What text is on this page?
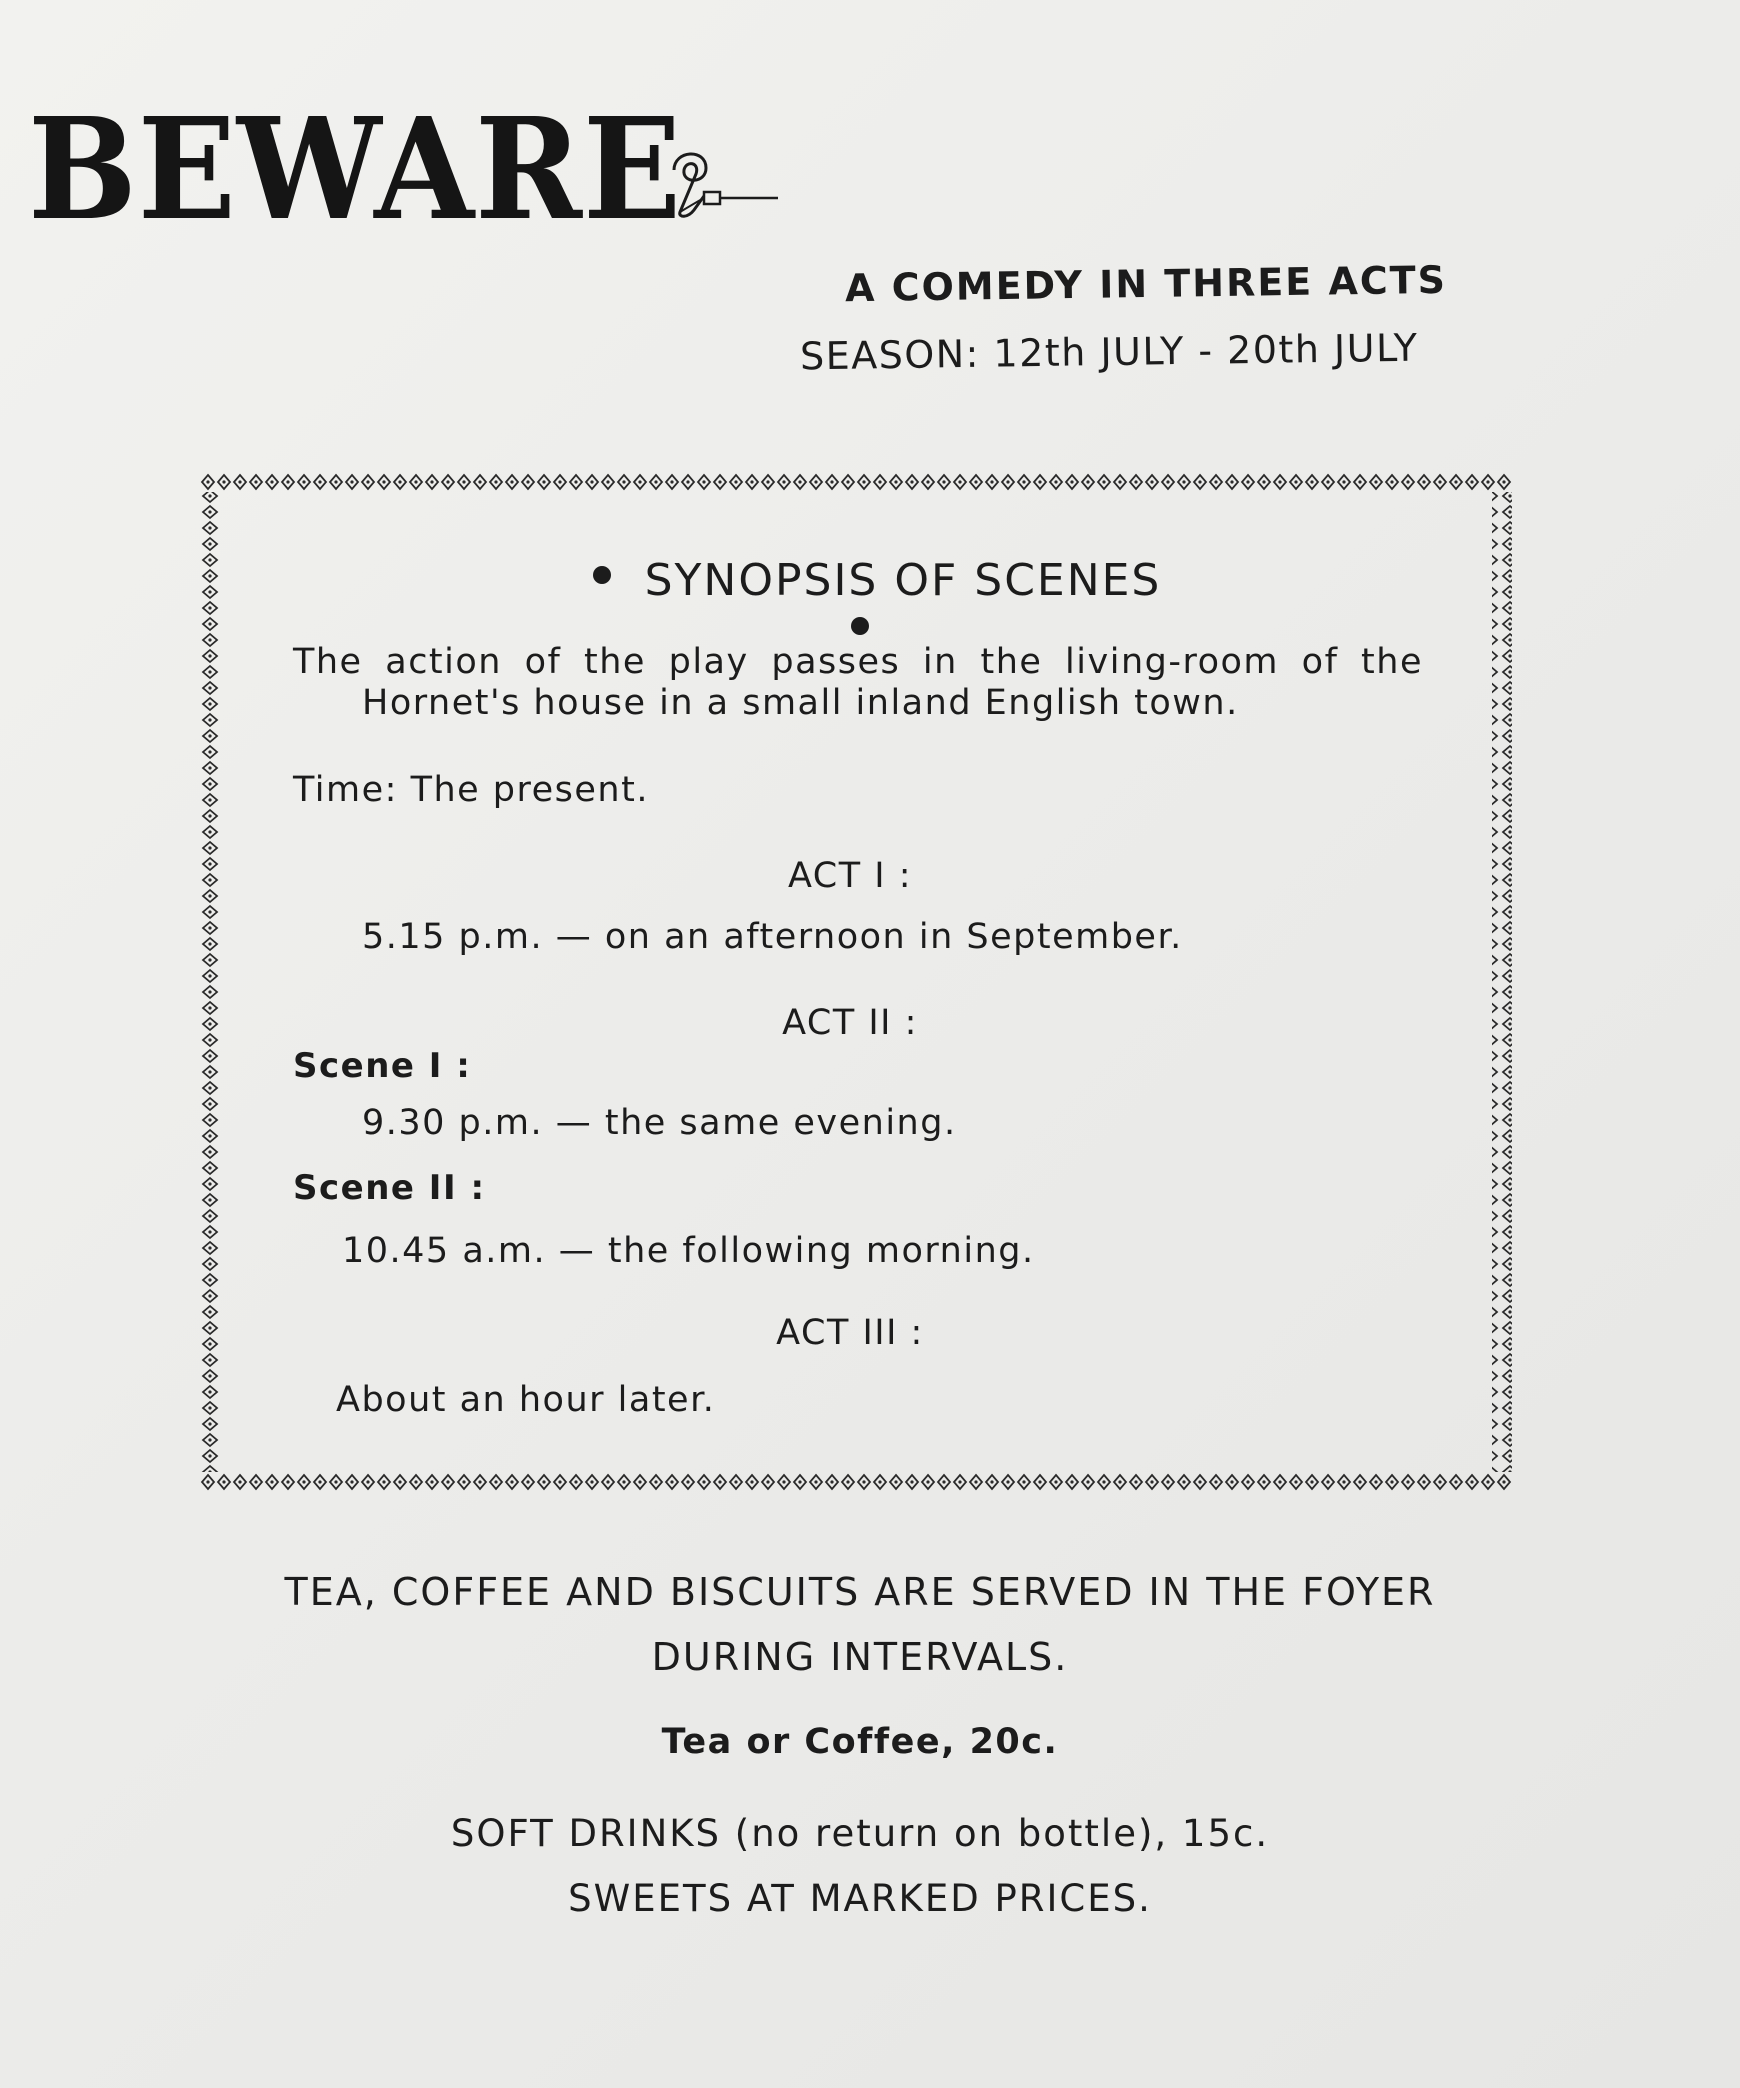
BEWARE
A COMEDY IN THREE ACTS
SEASON: 12th JULY - 20th JULY
SYNOPSIS OF SCENES
The action of the play passes in the living-room of the
Hornet's house in a small inland English town.
Time: The present.
ACT I :
5.15 p.m. — on an afternoon in September.
ACT II :
Scene I :
9.30 p.m. — the same evening.
Scene II :
10.45 a.m. — the following morning.
ACT III :
About an hour later.
TEA, COFFEE AND BISCUITS ARE SERVED IN THE FOYER
DURING INTERVALS.
Tea or Coffee, 20c.
SOFT DRINKS (no return on bottle), 15c.
SWEETS AT MARKED PRICES.
